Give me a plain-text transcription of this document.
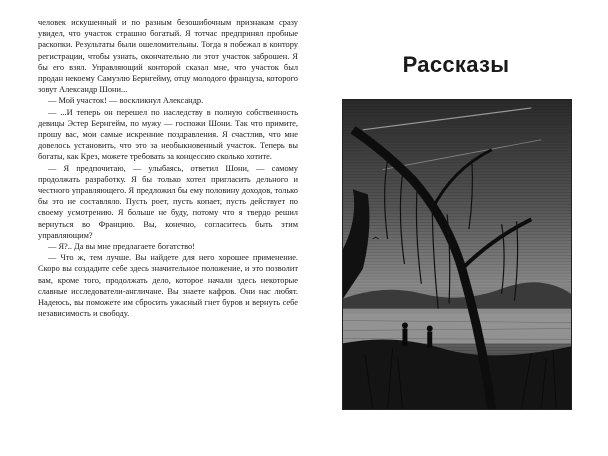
человек искушенный и по разным безошибочным признакам сразу увидел, что участок страшно богатый. Я тотчас предпринял пробные раскопки. Результаты были ошеломительны. Тогда я побежал в контору регистрации, чтобы узнать, окончательно ли этот участок заброшен. Я бы его взял. Управляющий конторой сказал мне, что участок был продан некоему Самуэлю Бернгейму, отцу молодого француза, которого зовут Александр Шони...

— Мой участок! — воскликнул Александр.

— ...И теперь он перешел по наследству в полную собственность девицы Эстер Бернгейм, по мужу — госпожи Шони. Так что примите, прошу вас, мои самые искренние поздравления. Я счастлив, что мне довелось установить, что это за необыкновенный участок. Теперь вы богаты, как Крез, можете требовать за концессию сколько хотите.

— Я предпочитаю, — улыбаясь, ответил Шони, — самому продолжать разработку. Я бы только хотел пригласить дельного и честного управляющего. Я предложил бы ему половину доходов, только бы это не составляло. Пусть роет, пусть копает, пусть действует по своему усмотрению. Я больше не буду, потому что я твердо решил вернуться во Францию. Вы, конечно, согласитесь быть этим управляющим?

— Я?.. Да вы мне предлагаете богатство!

— Что ж, тем лучше. Вы найдете для него хорошее применение. Скоро вы создадите себе здесь значительное положение, и это позволит вам, кроме того, продолжать дело, которое начали здесь некоторые славные исследователи-англичане. Вы знаете кафров. Они нас любят. Надеюсь, вы поможете им сбросить ужасный гнет буров и вернуть себе независимость и свободу.

Рассказы
